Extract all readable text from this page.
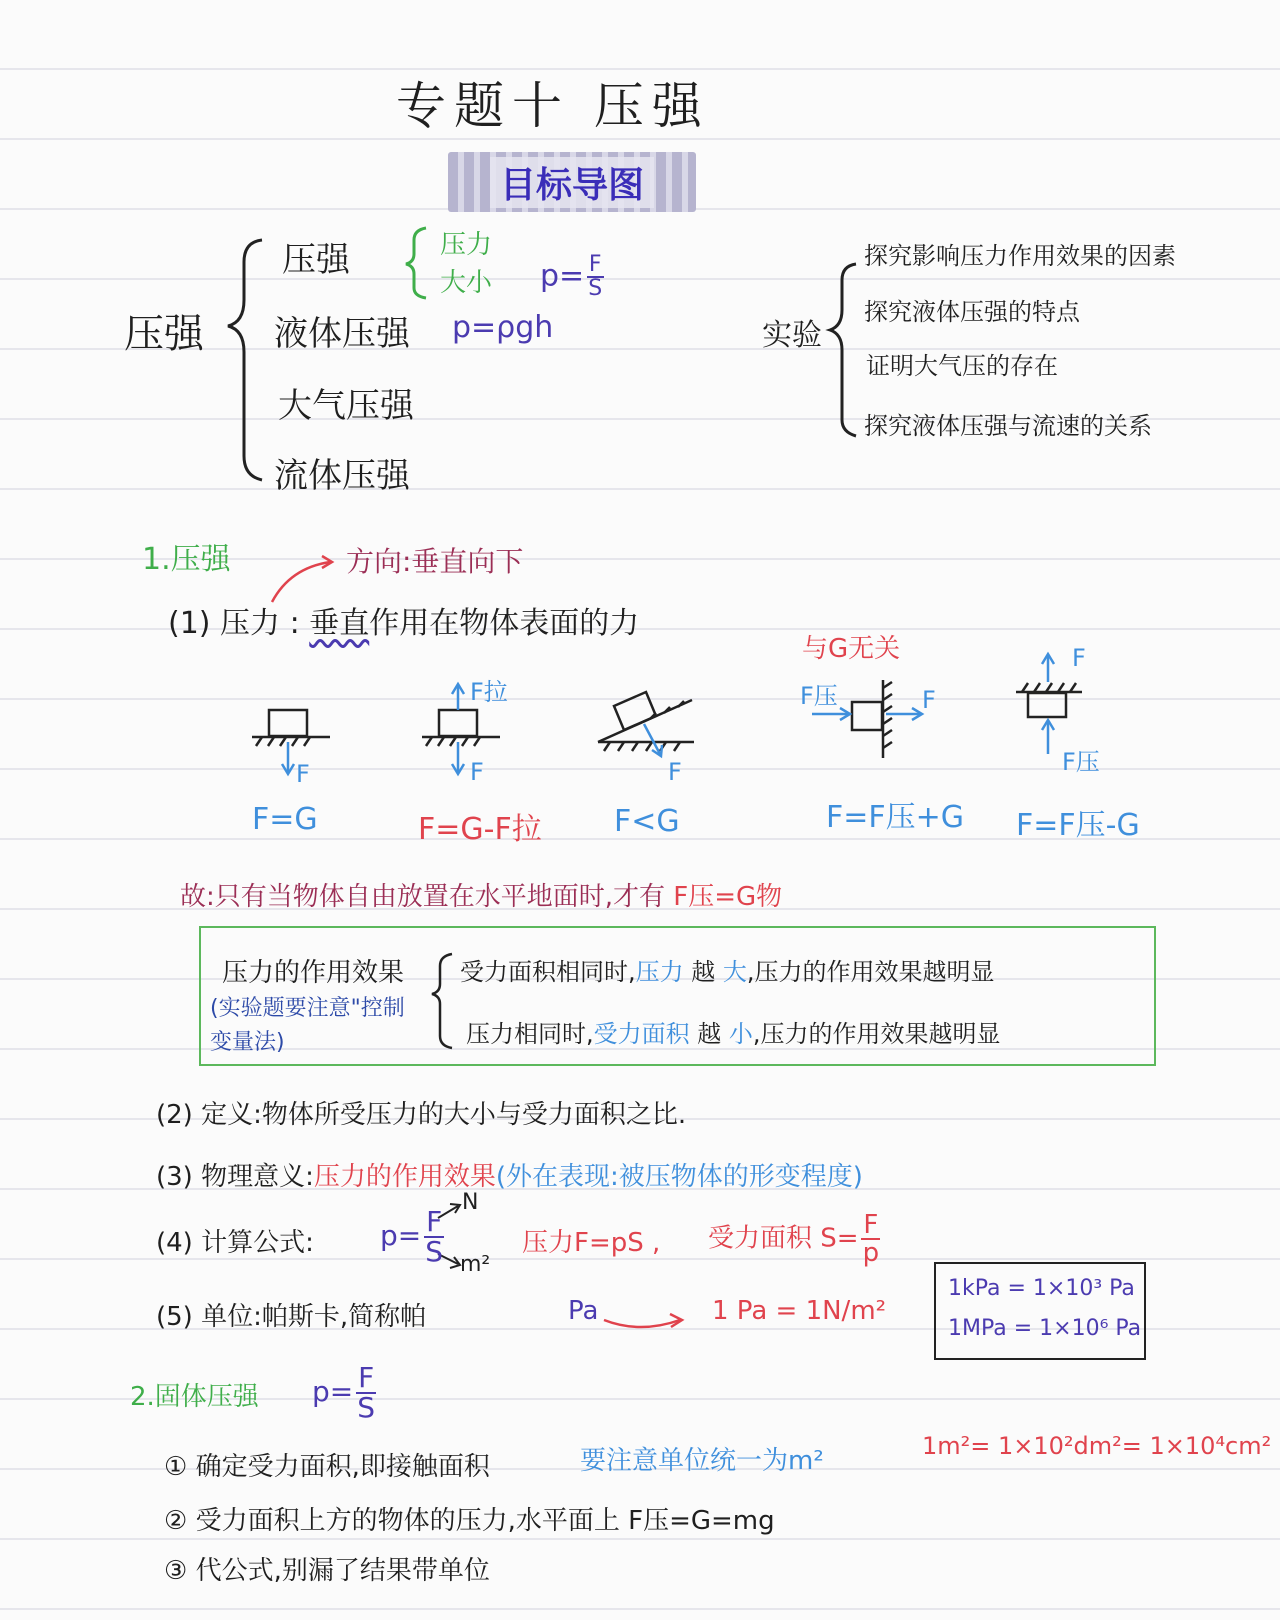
专题十 压强
目标导图
压强
压强	压力
大小 $p= \frac{F}{S}$
液体压强 p=ρgh
大气压强
流体压强
实验
探究影响压力作用效果的因素
探究液体压强的特点
证明大气压的存在
探究液体压强与流速的关系
1.压强	方向:垂直向下
(1) 压力 : 垂直作用在物体表面的力
与G无关
F
F=G
F拉
F
F=G-F拉
F
F<G
F压	F
F=F压+G
F
F压
F=F压-G
故:只有当物体自由放置在水平地面时,才有 F压=G物
压力的作用效果
(实验题要注意"控制变量法)
受力面积相同时,压力 越 大,压力的作用效果越明显
压力相同时,受力面积 越 小,压力的作用效果越明显
(2) 定义:物体所受压力的大小与受力面积之比.
(3) 物理意义:压力的作用效果(外在表现:被压物体的形变程度)
(4) 计算公式: $p= \frac{F}{S}$
N
m²
压力F=pS , 受力面积 $S= \frac{F}{p}$
(5) 单位:帕斯卡,简称帕	Pa	1 Pa = 1N/m²
1kPa = 1×10³ Pa
1MPa = 1×10⁶ Pa
2.固体压强 $p= \frac{F}{S}$
① 确定受力面积,即接触面积	要注意单位统一为m²	1m²= 1×10²dm²= 1×10⁴cm²
② 受力面积上方的物体的压力,水平面上 F压=G=mg
③ 代公式,别漏了结果带单位
